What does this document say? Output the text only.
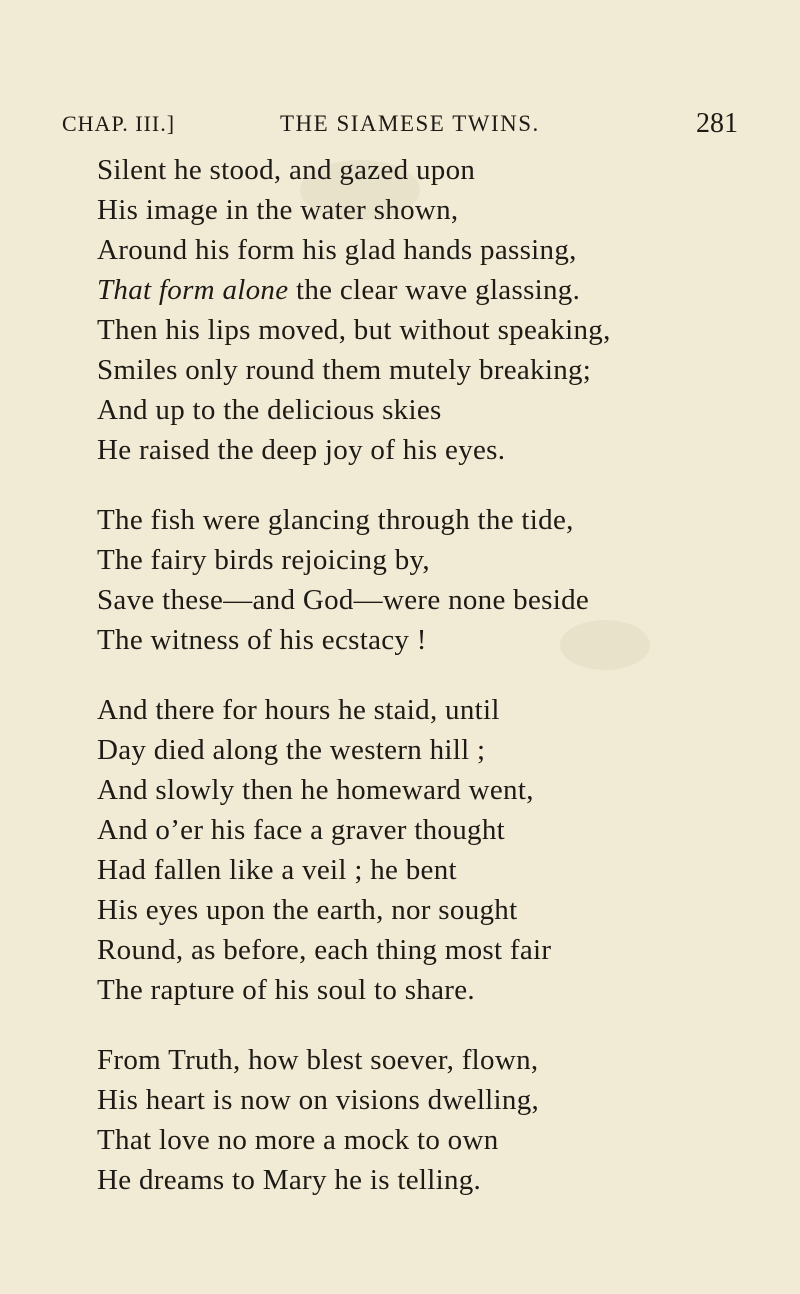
CHAP. III.]	THE SIAMESE TWINS.	281
Silent he stood, and gazed upon
His image in the water shown,
Around his form his glad hands passing,
That form alone the clear wave glassing.
Then his lips moved, but without speaking,
Smiles only round them mutely breaking;
And up to the delicious skies
He raised the deep joy of his eyes.
The fish were glancing through the tide,
The fairy birds rejoicing by,
Save these—and God—were none beside
The witness of his ecstacy !
And there for hours he staid, until
Day died along the western hill ;
And slowly then he homeward went,
And o’er his face a graver thought
Had fallen like a veil ; he bent
His eyes upon the earth, nor sought
Round, as before, each thing most fair
The rapture of his soul to share.
From Truth, how blest soever, flown,
His heart is now on visions dwelling,
That love no more a mock to own
He dreams to Mary he is telling.
